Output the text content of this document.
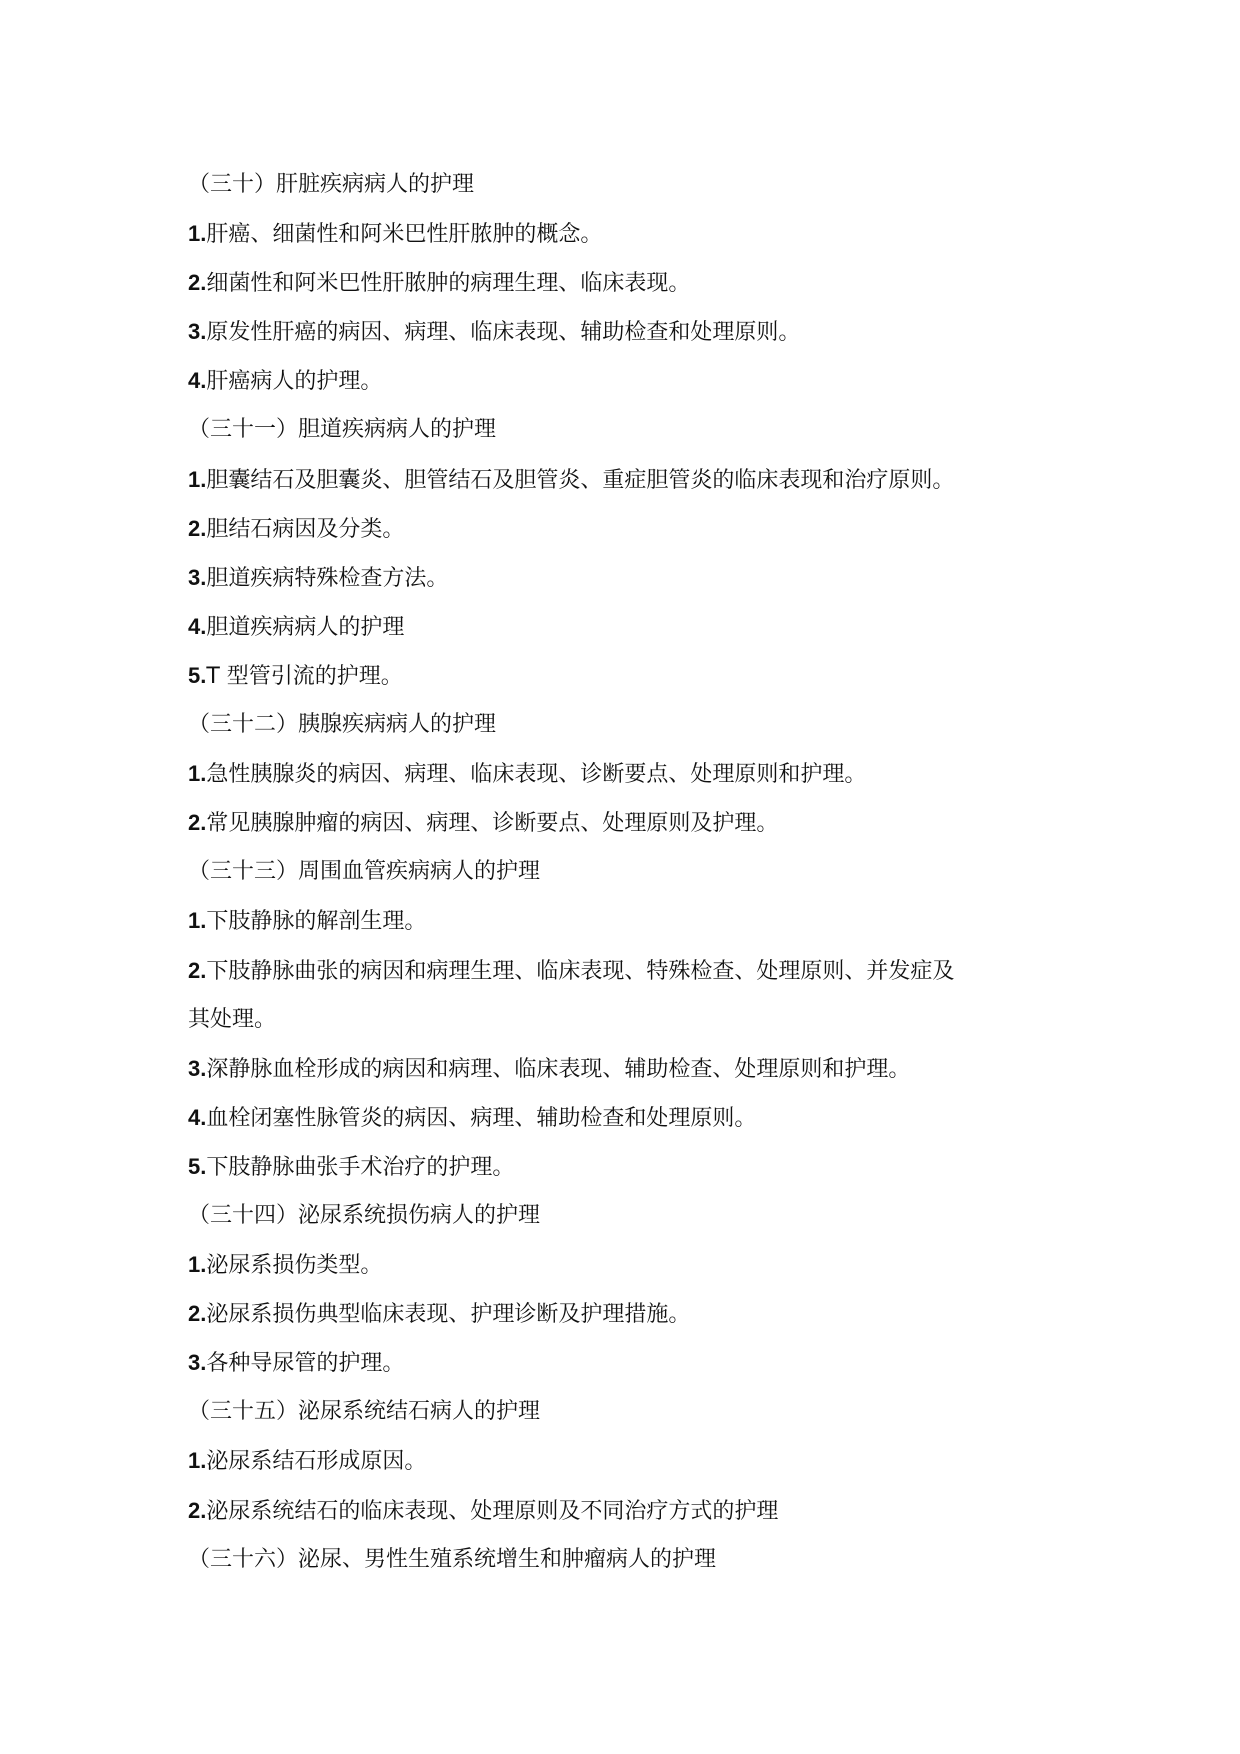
（三十）肝脏疾病病人的护理
1.肝癌、细菌性和阿米巴性肝脓肿的概念。
2.细菌性和阿米巴性肝脓肿的病理生理、临床表现。
3.原发性肝癌的病因、病理、临床表现、辅助检查和处理原则。
4.肝癌病人的护理。
（三十一）胆道疾病病人的护理
1.胆囊结石及胆囊炎、胆管结石及胆管炎、重症胆管炎的临床表现和治疗原则。
2.胆结石病因及分类。
3.胆道疾病特殊检查方法。
4.胆道疾病病人的护理
5.T 型管引流的护理。
（三十二）胰腺疾病病人的护理
1.急性胰腺炎的病因、病理、临床表现、诊断要点、处理原则和护理。
2.常见胰腺肿瘤的病因、病理、诊断要点、处理原则及护理。
（三十三）周围血管疾病病人的护理
1.下肢静脉的解剖生理。
2.下肢静脉曲张的病因和病理生理、临床表现、特殊检查、处理原则、并发症及
其处理。
3.深静脉血栓形成的病因和病理、临床表现、辅助检查、处理原则和护理。
4.血栓闭塞性脉管炎的病因、病理、辅助检查和处理原则。
5.下肢静脉曲张手术治疗的护理。
（三十四）泌尿系统损伤病人的护理
1.泌尿系损伤类型。
2.泌尿系损伤典型临床表现、护理诊断及护理措施。
3.各种导尿管的护理。
（三十五）泌尿系统结石病人的护理
1.泌尿系结石形成原因。
2.泌尿系统结石的临床表现、处理原则及不同治疗方式的护理
（三十六）泌尿、男性生殖系统增生和肿瘤病人的护理
